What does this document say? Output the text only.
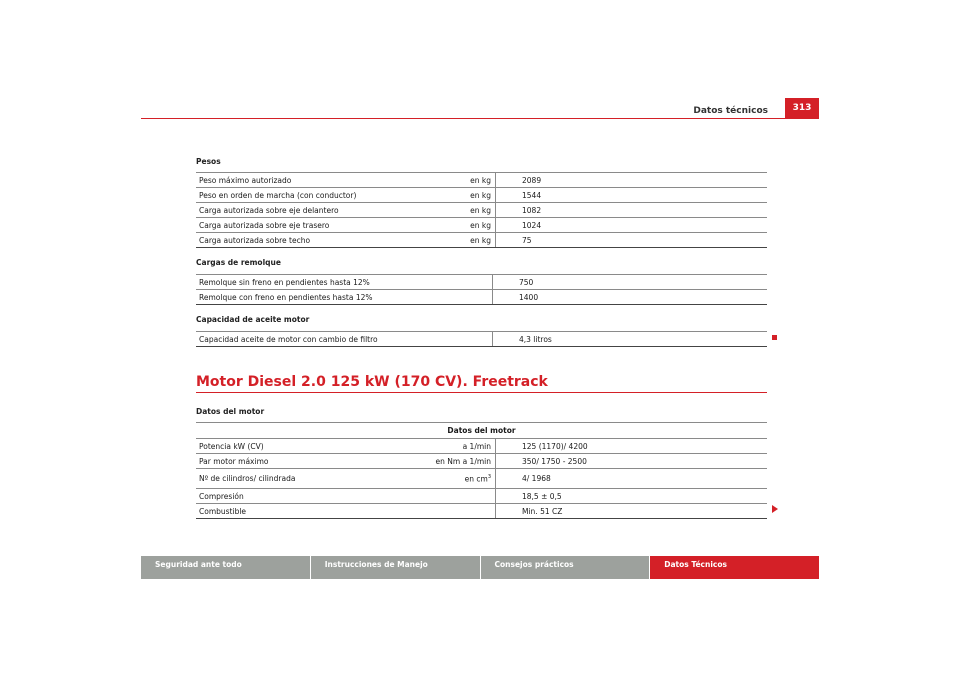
Datos técnicos	313
Pesos
Peso máximo autorizado	en kg	2089
Peso en orden de marcha (con conductor)	en kg	1544
Carga autorizada sobre eje delantero	en kg	1082
Carga autorizada sobre eje trasero	en kg	1024
Carga autorizada sobre techo	en kg	75
Cargas de remolque
Remolque sin freno en pendientes hasta 12%	750
Remolque con freno en pendientes hasta 12%	1400
Capacidad de aceite motor
Capacidad aceite de motor con cambio de filtro	4,3 litros
Motor Diesel 2.0 125 kW (170 CV). Freetrack
Datos del motor
Datos del motor		
Potencia kW (CV)	a 1/min	125 (1170)/ 4200
Par motor máximo	en Nm a 1/min	350/ 1750 - 2500
Nº de cilindros/ cilindrada	en $cm^3$	4/ 1968
Compresión		18,5 ± 0,5
Combustible		Min. 51 CZ
Seguridad ante todo	Instrucciones de Manejo	Consejos prácticos	Datos Técnicos
